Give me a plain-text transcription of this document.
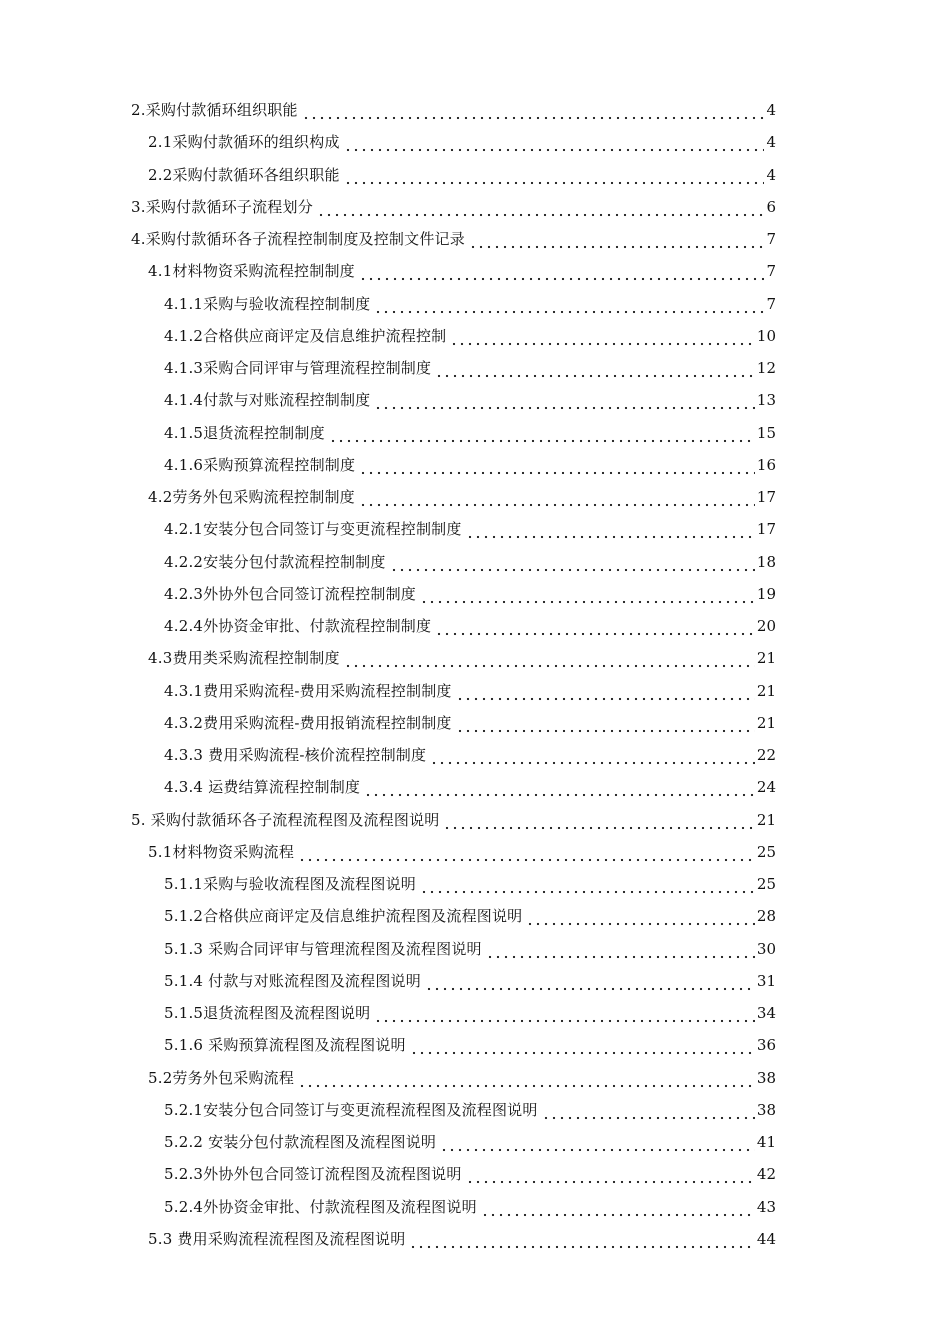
2.采购付款循环组织职能	4
2.1采购付款循环的组织构成	4
2.2采购付款循环各组织职能	4
3.采购付款循环子流程划分	6
4.采购付款循环各子流程控制制度及控制文件记录	7
4.1材料物资采购流程控制制度	7
4.1.1采购与验收流程控制制度	7
4.1.2合格供应商评定及信息维护流程控制	10
4.1.3采购合同评审与管理流程控制制度	12
4.1.4付款与对账流程控制制度	13
4.1.5退货流程控制制度	15
4.1.6采购预算流程控制制度	16
4.2劳务外包采购流程控制制度	17
4.2.1安装分包合同签订与变更流程控制制度	17
4.2.2安装分包付款流程控制制度	18
4.2.3外协外包合同签订流程控制制度	19
4.2.4外协资金审批、付款流程控制制度	20
4.3费用类采购流程控制制度	21
4.3.1费用采购流程-费用采购流程控制制度	21
4.3.2费用采购流程-费用报销流程控制制度	21
4.3.3 费用采购流程-核价流程控制制度	22
4.3.4 运费结算流程控制制度	24
5. 采购付款循环各子流程流程图及流程图说明	21
5.1材料物资采购流程	25
5.1.1采购与验收流程图及流程图说明	25
5.1.2合格供应商评定及信息维护流程图及流程图说明	28
5.1.3 采购合同评审与管理流程图及流程图说明	30
5.1.4 付款与对账流程图及流程图说明	31
5.1.5退货流程图及流程图说明	34
5.1.6 采购预算流程图及流程图说明	36
5.2劳务外包采购流程	38
5.2.1安装分包合同签订与变更流程流程图及流程图说明	38
5.2.2 安装分包付款流程图及流程图说明	41
5.2.3外协外包合同签订流程图及流程图说明	42
5.2.4外协资金审批、付款流程图及流程图说明	43
5.3 费用采购流程流程图及流程图说明	44
